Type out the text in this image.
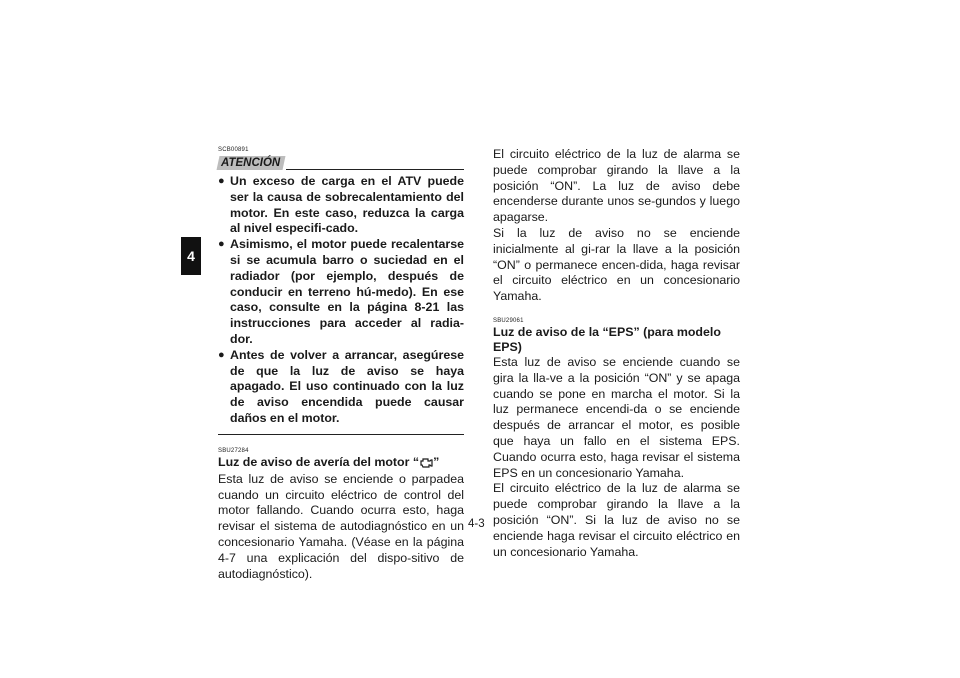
4
SCB00891
ATENCIÓN
● Un exceso de carga en el ATV puede ser la causa de sobrecalentamiento del motor. En este caso, reduzca la carga al nivel especifi-cado.
● Asimismo, el motor puede recalentarse si se acumula barro o suciedad en el radiador (por ejemplo, después de conducir en terreno hú-medo). En ese caso, consulte en la página 8-21 las instrucciones para acceder al radia-dor.
● Antes de volver a arrancar, asegúrese de que la luz de aviso se haya apagado. El uso continuado con la luz de aviso encendida puede causar daños en el motor.
SBU27284
Luz de aviso de avería del motor “ ”

Esta luz de aviso se enciende o parpadea cuando un circuito eléctrico de control del motor fallando. Cuando ocurra esto, haga revisar el sistema de autodiagnóstico en un concesionario Yamaha. (Véase en la página 4-7 una explicación del dispo-sitivo de autodiagnóstico).

El circuito eléctrico de la luz de alarma se puede comprobar girando la llave a la posición “ON”. La luz de aviso debe encenderse durante unos se-gundos y luego apagarse.

Si la luz de aviso no se enciende inicialmente al gi-rar la llave a la posición “ON” o permanece encen-dida, haga revisar el circuito eléctrico en un concesionario Yamaha.

SBU29061
Luz de aviso de la “EPS” (para modelo EPS)

Esta luz de aviso se enciende cuando se gira la lla-ve a la posición “ON” y se apaga cuando se pone en marcha el motor. Si la luz permanece encendi-da o se enciende después de arrancar el motor, es posible que haya un fallo en el sistema EPS. Cuando ocurra esto, haga revisar el sistema EPS en un concesionario Yamaha.

El circuito eléctrico de la luz de alarma se puede comprobar girando la llave a la posición “ON”. Si la luz de aviso no se enciende haga revisar el circuito eléctrico en un concesionario Yamaha.

4-3
